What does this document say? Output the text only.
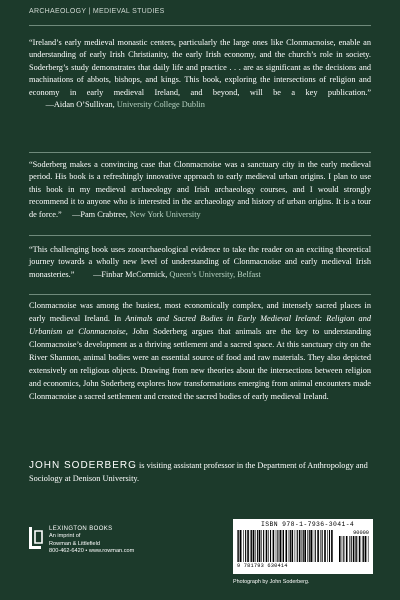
ARCHAEOLOGY | MEDIEVAL STUDIES
“Ireland’s early medieval monastic centers, particularly the large ones like Clonmacnoise, enable an understanding of early Irish Christianity, the early Irish economy, and the church’s role in society. Soderberg’s study demonstrates that daily life and practice . . . are as significant as the decisions and machinations of abbots, bishops, and kings. This book, exploring the intersections of religion and economy in early medieval Ireland, and beyond, will be a key publication.”   —Aidan O’Sullivan, University College Dublin
“Soderberg makes a convincing case that Clonmacnoise was a sanctuary city in the early medieval period. His book is a refreshingly innovative approach to early medieval urban origins. I plan to use this book in my medieval archaeology and Irish archaeology courses, and I would strongly recommend it to anyone who is interested in the archaeology and history of urban origins. It is a tour de force.”   —Pam Crabtree, New York University
“This challenging book uses zooarchaeological evidence to take the reader on an exciting theoretical journey towards a wholly new level of understanding of Clonmacnoise and early medieval Irish monasteries.”    —Finbar McCormick, Queen’s University, Belfast
Clonmacnoise was among the busiest, most economically complex, and intensely sacred places in early medieval Ireland. In Animals and Sacred Bodies in Early Medieval Ireland: Religion and Urbanism at Clonmacnoise, John Soderberg argues that animals are the key to understanding Clonmacnoise’s development as a thriving settlement and a sacred space. At this sanctuary city on the River Shannon, animal bodies were an essential source of food and raw materials. They also depicted extensively on religious objects. Drawing from new theories about the intersections between religion and economics, John Soderberg explores how transformations emerging from animal encounters made Clonmacnoise a sacred settlement and created the sacred bodies of early medieval Ireland.
JOHN SODERBERG is visiting assistant professor in the Department of Anthropology and Sociology at Denison University.
LEXINGTON BOOKS
An imprint of
Rowman & Littlefield
800-462-6420 • www.rowman.com
ISBN 978-1-7936-3041-4
9 781793 630414
90000
Photograph by John Soderberg.
